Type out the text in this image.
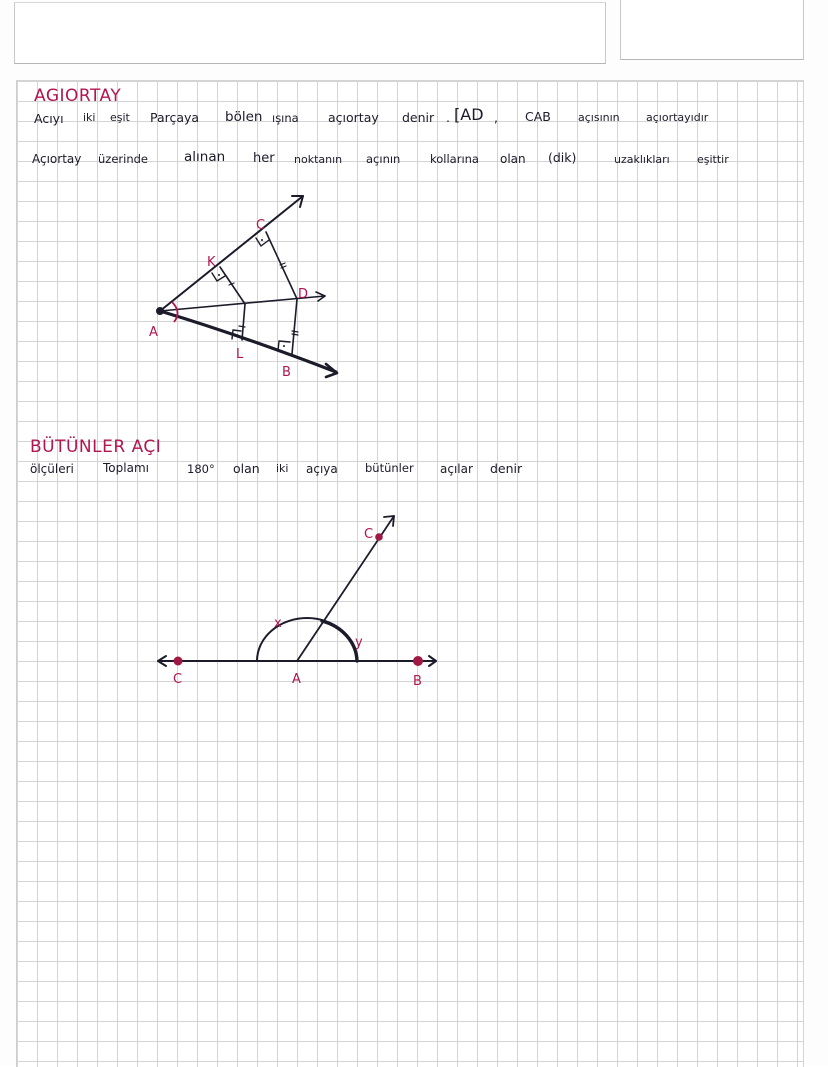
AGIORTAY
Acıyı iki eşit Parçaya bölen ışına açıortay denir . [AD , CAB açısının açıortayıdır
Açıortay üzerinde	alınan her noktanın açının	kollarına olan (dik)	uzaklıkları eşittir
A
K
C
D
L
B
BÜTÜNLER AÇI
ölçüleri Toplamı	180° olan iki açıya bütünler açılar denir
C	A	B
C
x
y
